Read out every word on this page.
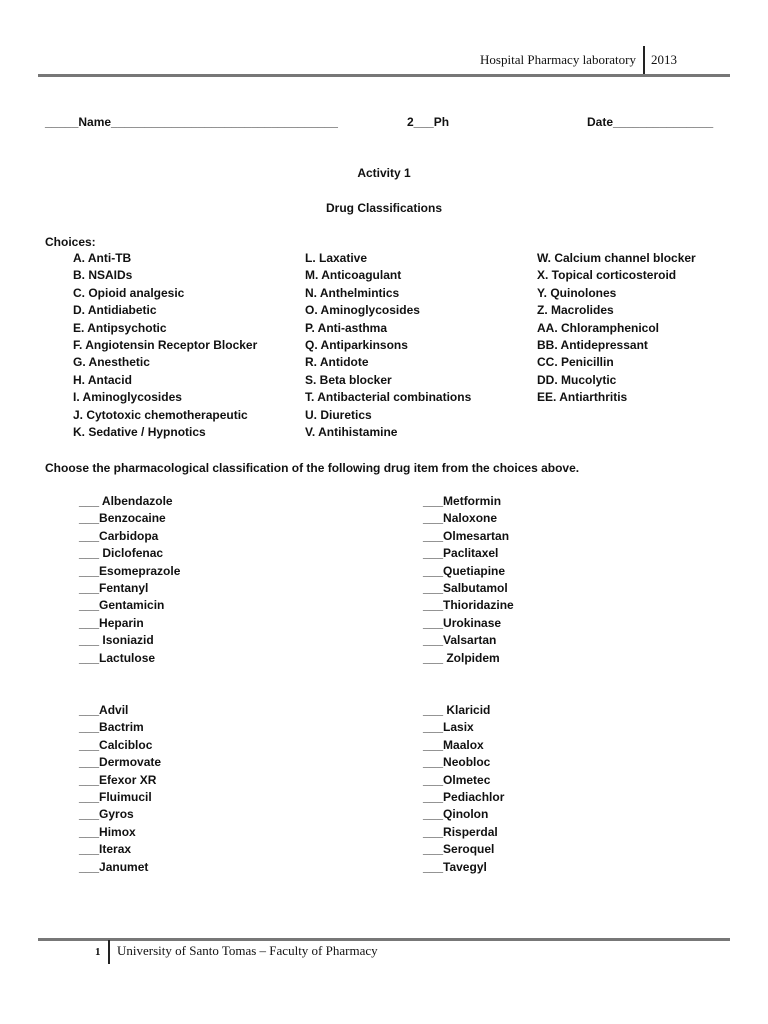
Hospital Pharmacy laboratory 2013
_____Name__________________________________	2___Ph	Date_______________
Activity 1
Drug Classifications
Choices:
A. Anti-TB
B. NSAIDs
C. Opioid analgesic
D. Antidiabetic
E. Antipsychotic
F. Angiotensin Receptor Blocker
G. Anesthetic
H. Antacid
I. Aminoglycosides
J. Cytotoxic chemotherapeutic
K. Sedative / Hypnotics
L. Laxative
M. Anticoagulant
N. Anthelmintics
O. Aminoglycosides
P. Anti-asthma
Q. Antiparkinsons
R. Antidote
S. Beta blocker
T. Antibacterial combinations
U. Diuretics
V. Antihistamine
W. Calcium channel blocker
X. Topical corticosteroid
Y. Quinolones
Z. Macrolides
AA. Chloramphenicol
BB. Antidepressant
CC. Penicillin
DD. Mucolytic
EE. Antiarthritis
Choose the pharmacological classification of the following drug item from the choices above.
___ Albendazole
___Benzocaine
___Carbidopa
___ Diclofenac
___Esomeprazole
___Fentanyl
___Gentamicin
___Heparin
___ Isoniazid
___Lactulose
___Metformin
___Naloxone
___Olmesartan
___Paclitaxel
___Quetiapine
___Salbutamol
___Thioridazine
___Urokinase
___Valsartan
___ Zolpidem
___Advil
___Bactrim
___Calcibloc
___Dermovate
___Efexor XR
___Fluimucil
___Gyros
___Himox
___Iterax
___Janumet
___ Klaricid
___Lasix
___Maalox
___Neobloc
___Olmetec
___Pediachlor
___Qinolon
___Risperdal
___Seroquel
___Tavegyl
1 University of Santo Tomas – Faculty of Pharmacy
